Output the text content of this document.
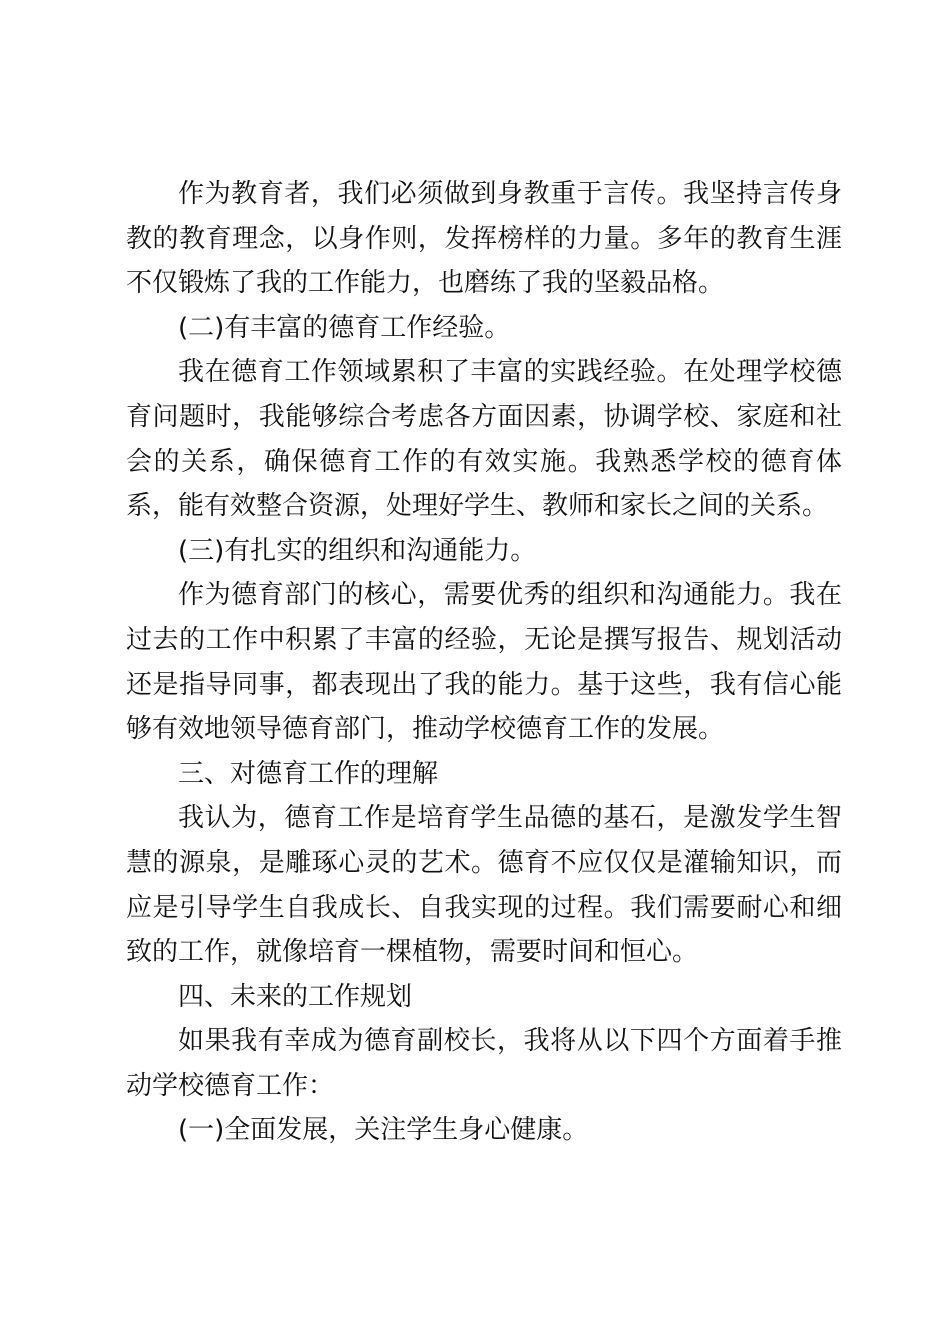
作为教育者，我们必须做到身教重于言传。我坚持言传身教的教育理念，以身作则，发挥榜样的力量。多年的教育生涯不仅锻炼了我的工作能力，也磨练了我的坚毅品格。

(二)有丰富的德育工作经验。

我在德育工作领域累积了丰富的实践经验。在处理学校德育问题时，我能够综合考虑各方面因素，协调学校、家庭和社会的关系，确保德育工作的有效实施。我熟悉学校的德育体系，能有效整合资源，处理好学生、教师和家长之间的关系。

(三)有扎实的组织和沟通能力。

作为德育部门的核心，需要优秀的组织和沟通能力。我在过去的工作中积累了丰富的经验，无论是撰写报告、规划活动还是指导同事，都表现出了我的能力。基于这些，我有信心能够有效地领导德育部门，推动学校德育工作的发展。

三、对德育工作的理解

我认为，德育工作是培育学生品德的基石，是激发学生智慧的源泉，是雕琢心灵的艺术。德育不应仅仅是灌输知识，而应是引导学生自我成长、自我实现的过程。我们需要耐心和细致的工作，就像培育一棵植物，需要时间和恒心。

四、未来的工作规划

如果我有幸成为德育副校长，我将从以下四个方面着手推动学校德育工作：

(一)全面发展，关注学生身心健康。
